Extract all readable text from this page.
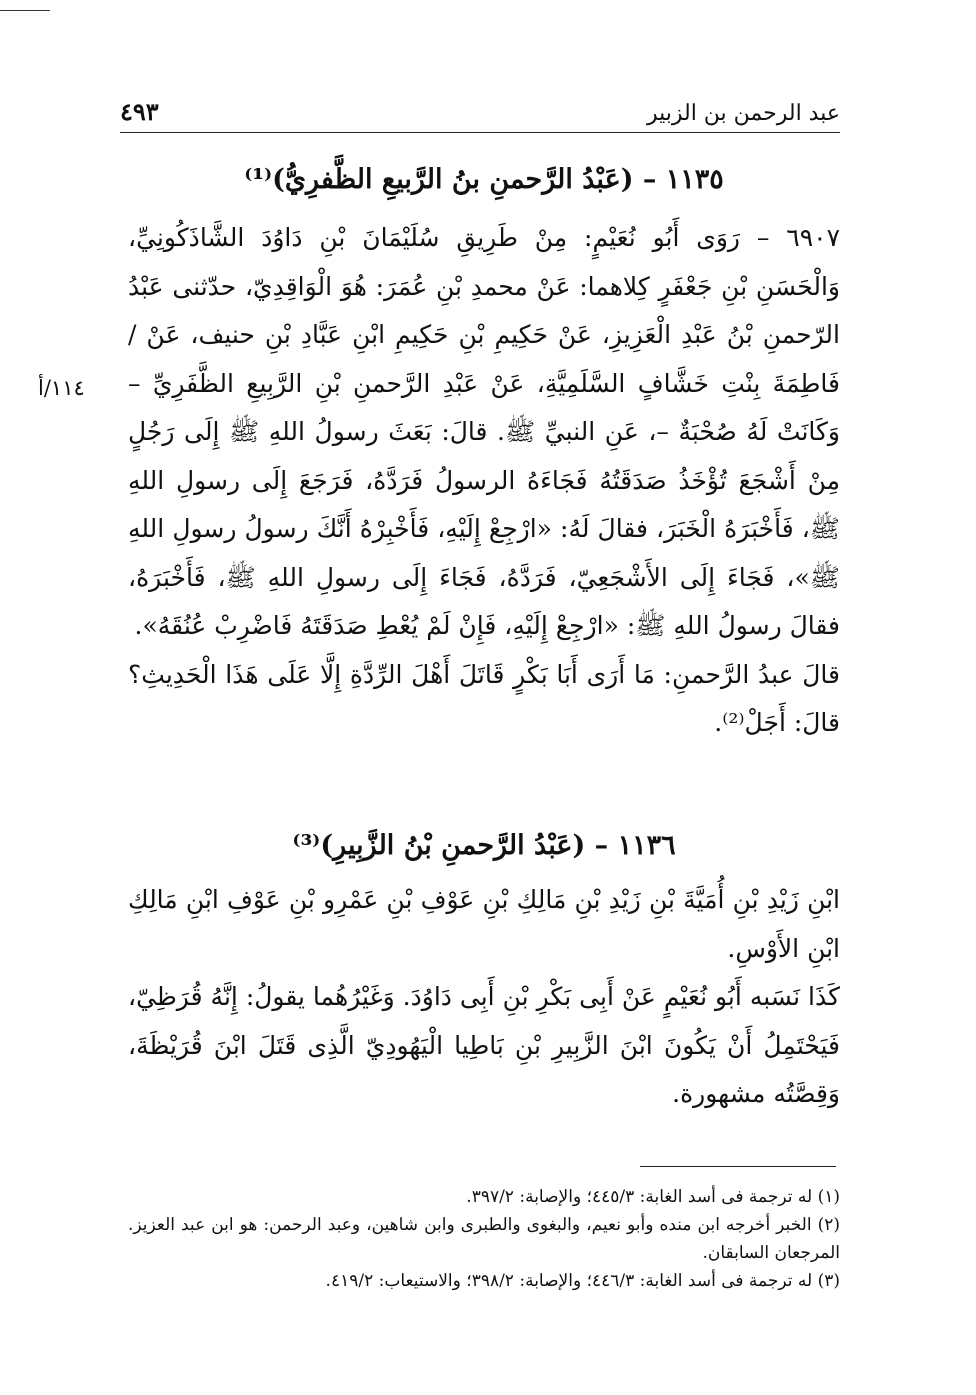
عبد الرحمن بن الزبير
٤٩٣
١١٤/أ
١١٣٥ – (عَبْدُ الرَّحمنِ بنُ الرَّبيعِ الظَّفرِيُّ)⁽¹⁾
٦٩٠٧ – رَوَى أَبُو نُعَيْمٍ: مِنْ طَرِيقِ سُلَيْمَانَ بْنِ دَاوُدَ الشَّاذَكُونِيِّ، وَالْحَسَنِ بْنِ جَعْفَرٍ كِلاهما: عَنْ محمدِ بْنِ عُمَرَ: هُوَ الْوَاقِدِيّ، حدّثنى عَبْدُ الرّحمنِ بْنُ عَبْدِ الْعَزِيزِ، عَنْ حَكِيمِ بْنِ حَكِيمِ ابْنِ عَبَّادِ بْنِ حنيف، عَنْ / فَاطِمَةَ بِنْتِ خَشَّافٍ السَّلَمِيَّةِ، عَنْ عَبْدِ الرَّحمنِ بْنِ الرَّبِيعِ الظَّفَرِيِّ – وَكَانَتْ لَهُ صُحْبَةٌ –، عَنِ النبيِّ ﷺ. قالَ: بَعَثَ رسولُ اللهِ ﷺ إِلَى رَجُلٍ مِنْ أَشْجَعَ تُؤْخَذُ صَدَقَتُهُ فَجَاءَهُ الرسولُ فَرَدَّهُ، فَرَجَعَ إِلَى رسولِ اللهِ ﷺ، فَأَخْبَرَهُ الْخَبَرَ، فقالَ لَهُ: «ارْجِعْ إِلَيْهِ، فَأَخْبِرْهُ أَنَّكَ رسولُ رسولِ اللهِ ﷺ»، فَجَاءَ إِلَى الأَشْجَعِيّ، فَرَدَّهُ، فَجَاءَ إِلَى رسولِ اللهِ ﷺ، فَأَخْبَرَهُ، فقالَ رسولُ اللهِ ﷺ: «ارْجِعْ إِلَيْهِ، فَإِنْ لَمْ يُعْطِ صَدَقَتَهُ فَاضْرِبْ عُنُقَهُ».
قالَ عبدُ الرَّحمنِ: مَا أَرَى أَبَا بَكْرٍ قَاتَلَ أَهْلَ الرِّدَّةِ إِلَّا عَلَى هَذَا الْحَدِيثِ؟ قالَ: أَجَلْ⁽²⁾.
١١٣٦ – (عَبْدُ الرَّحمنِ بْنُ الزَّبِيرِ)⁽³⁾
ابْنِ زَيْدِ بْنِ أُمَيَّةَ بْنِ زَيْدِ بْنِ مَالِكِ بْنِ عَوْفِ بْنِ عَمْرِو بْنِ عَوْفِ ابْنِ مَالِكِ ابْنِ الأَوْسِ.
كَذَا نَسَبه أَبُو نُعَيْمٍ عَنْ أَبِى بَكْرِ بْنِ أَبِى دَاوُدَ. وَغَيْرُهُما يقولُ: إِنَّهُ قُرَظِيّ، فَيَحْتَمِلُ أَنْ يَكُونَ ابْنَ الزَّبِيرِ بْنِ بَاطِيا الْيَهُودِيّ الَّذِى قَتَلَ ابْنَ قُرَيْظَةَ، وَقِصَّتُه مشهورة.
(١) له ترجمة فى أسد الغابة: ٤٤٥/٣؛ والإصابة: ٣٩٧/٢.
(٢) الخبر أخرجه ابن منده وأبو نعيم، والبغوى والطبرى وابن شاهين، وعبد الرحمن: هو ابن عبد العزيز. المرجعان السابقان.
(٣) له ترجمة فى أسد الغابة: ٤٤٦/٣؛ والإصابة: ٣٩٨/٢؛ والاستيعاب: ٤١٩/٢.
